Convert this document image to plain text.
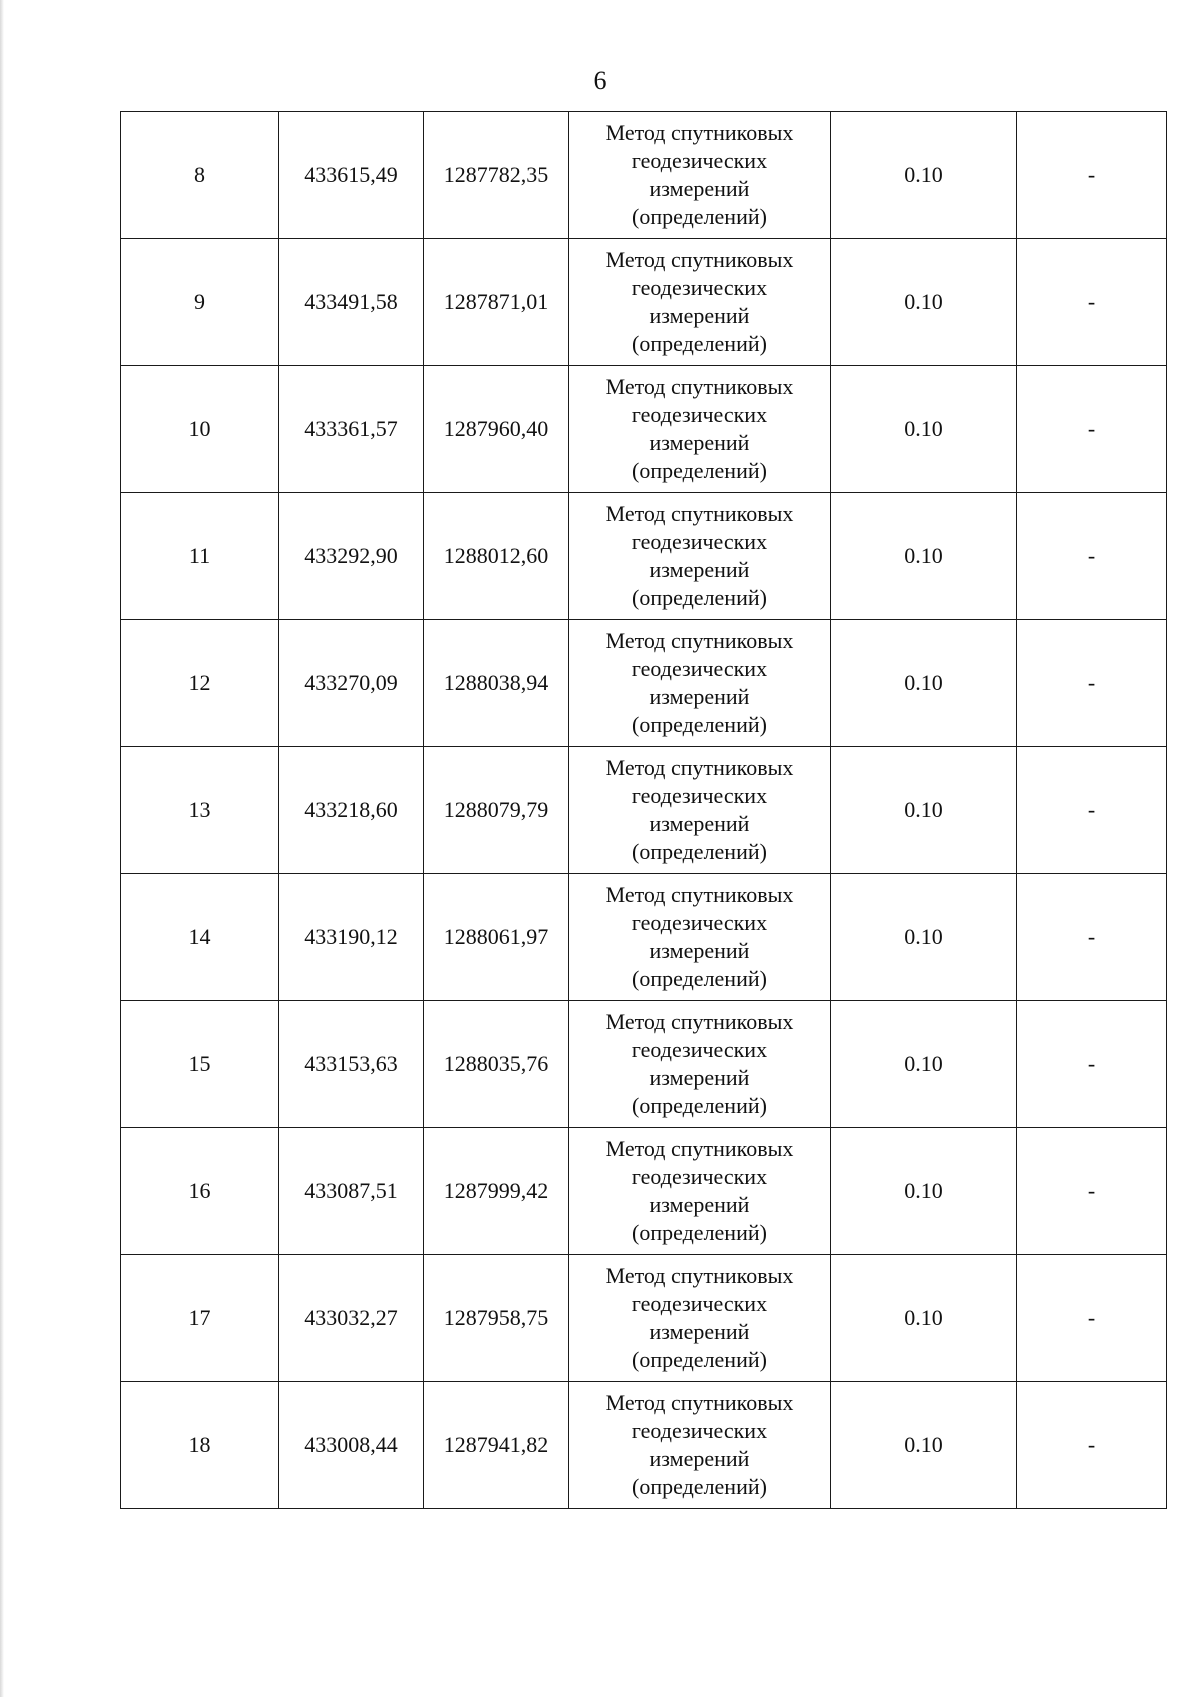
6
8	433615,49	1287782,35	Метод спутниковых
геодезических
измерений
(определений)	0.10	-
9	433491,58	1287871,01	Метод спутниковых
геодезических
измерений
(определений)	0.10	-
10	433361,57	1287960,40	Метод спутниковых
геодезических
измерений
(определений)	0.10	-
11	433292,90	1288012,60	Метод спутниковых
геодезических
измерений
(определений)	0.10	-
12	433270,09	1288038,94	Метод спутниковых
геодезических
измерений
(определений)	0.10	-
13	433218,60	1288079,79	Метод спутниковых
геодезических
измерений
(определений)	0.10	-
14	433190,12	1288061,97	Метод спутниковых
геодезических
измерений
(определений)	0.10	-
15	433153,63	1288035,76	Метод спутниковых
геодезических
измерений
(определений)	0.10	-
16	433087,51	1287999,42	Метод спутниковых
геодезических
измерений
(определений)	0.10	-
17	433032,27	1287958,75	Метод спутниковых
геодезических
измерений
(определений)	0.10	-
18	433008,44	1287941,82	Метод спутниковых
геодезических
измерений
(определений)	0.10	-
